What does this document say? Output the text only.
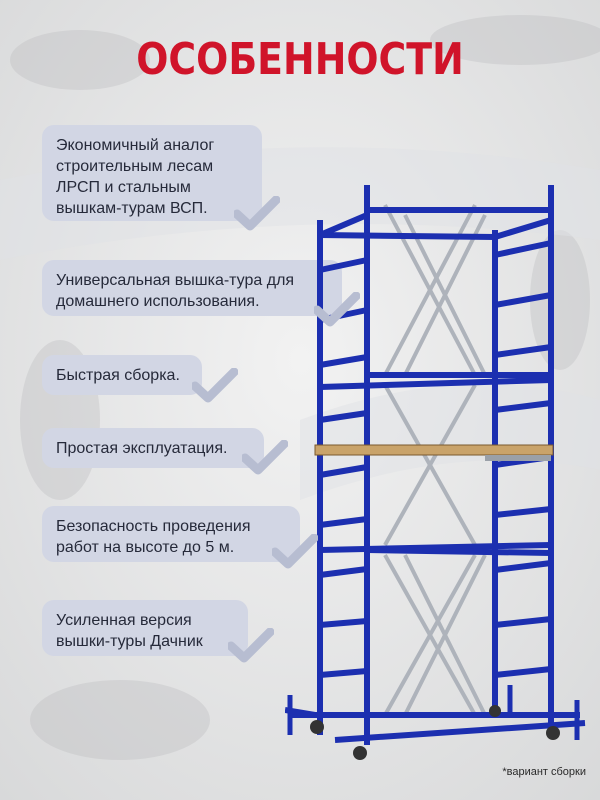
ОСОБЕННОСТИ
Экономичный аналог строительным лесам ЛРСП и стальным вышкам-турам ВСП.
Универсальная вышка-тура для домашнего использования.
Быстрая сборка.
Простая эксплуатация.
Безопасность проведения работ на высоте до 5 м.
Усиленная версия вышки-туры Дачник
*вариант сборки
